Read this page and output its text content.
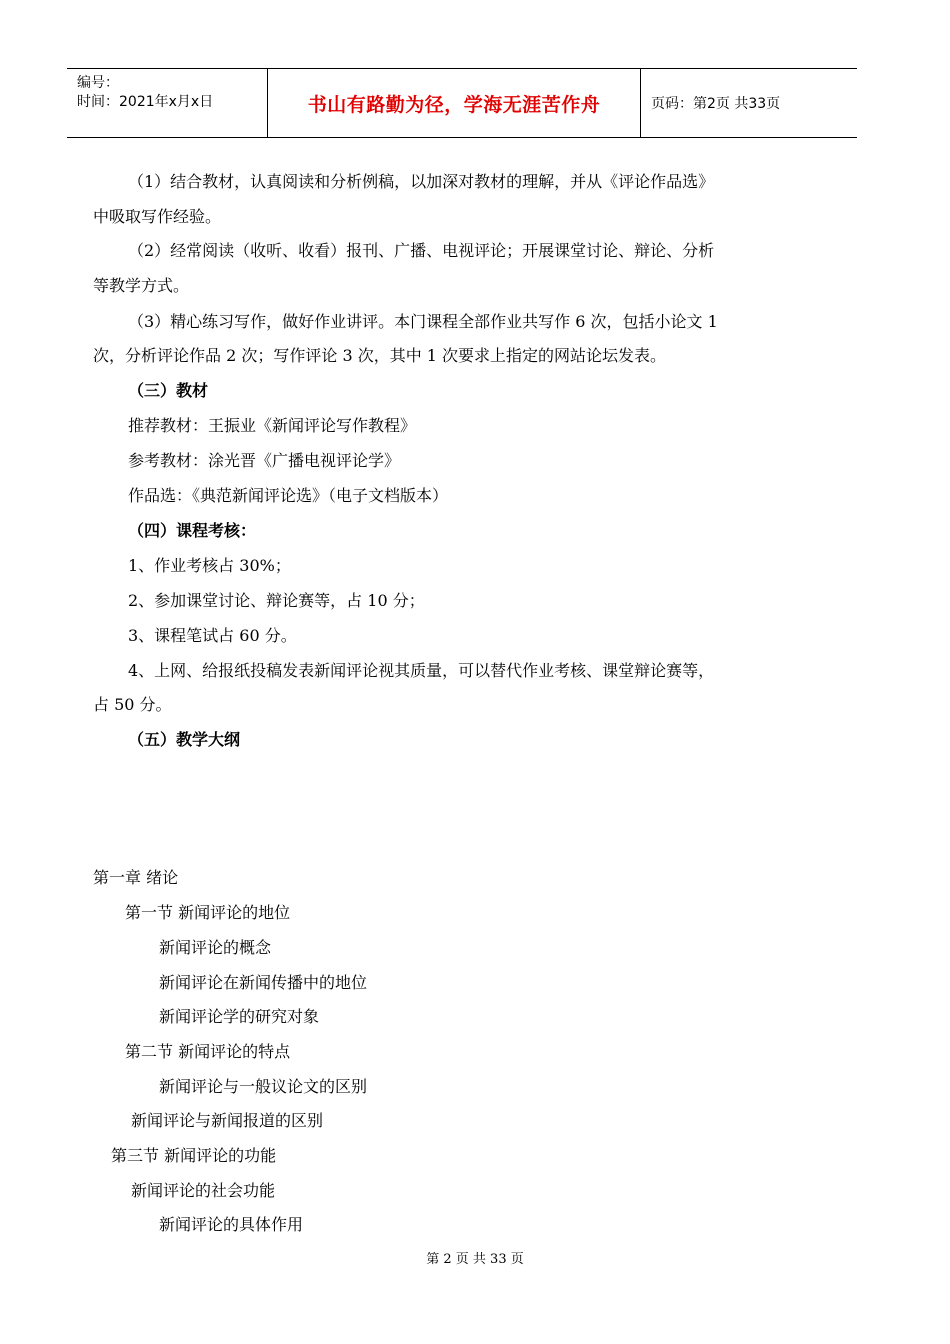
编号：
时间：2021年x月x日	书山有路勤为径，学海无涯苦作舟	页码：第2页 共33页
（1）结合教材，认真阅读和分析例稿，以加深对教材的理解，并从《评论作品选》
中吸取写作经验。
（2）经常阅读（收听、收看）报刊、广播、电视评论；开展课堂讨论、辩论、分析
等教学方式。
（3）精心练习写作，做好作业讲评。本门课程全部作业共写作 6 次，包括小论文 1
次，分析评论作品 2 次；写作评论 3 次，其中 1 次要求上指定的网站论坛发表。
（三）教材
推荐教材：王振业《新闻评论写作教程》
参考教材：涂光晋《广播电视评论学》
作品选：《典范新闻评论选》（电子文档版本）
（四）课程考核：
1、作业考核占 30%；
2、参加课堂讨论、辩论赛等，占 10 分；
3、课程笔试占 60 分。
4、上网、给报纸投稿发表新闻评论视其质量，可以替代作业考核、课堂辩论赛等，
占 50 分。
（五）教学大纲
第一章 绪论
第一节 新闻评论的地位
新闻评论的概念
新闻评论在新闻传播中的地位
新闻评论学的研究对象
第二节 新闻评论的特点
新闻评论与一般议论文的区别
新闻评论与新闻报道的区别
第三节 新闻评论的功能
新闻评论的社会功能
新闻评论的具体作用
第 2 页 共 33 页
